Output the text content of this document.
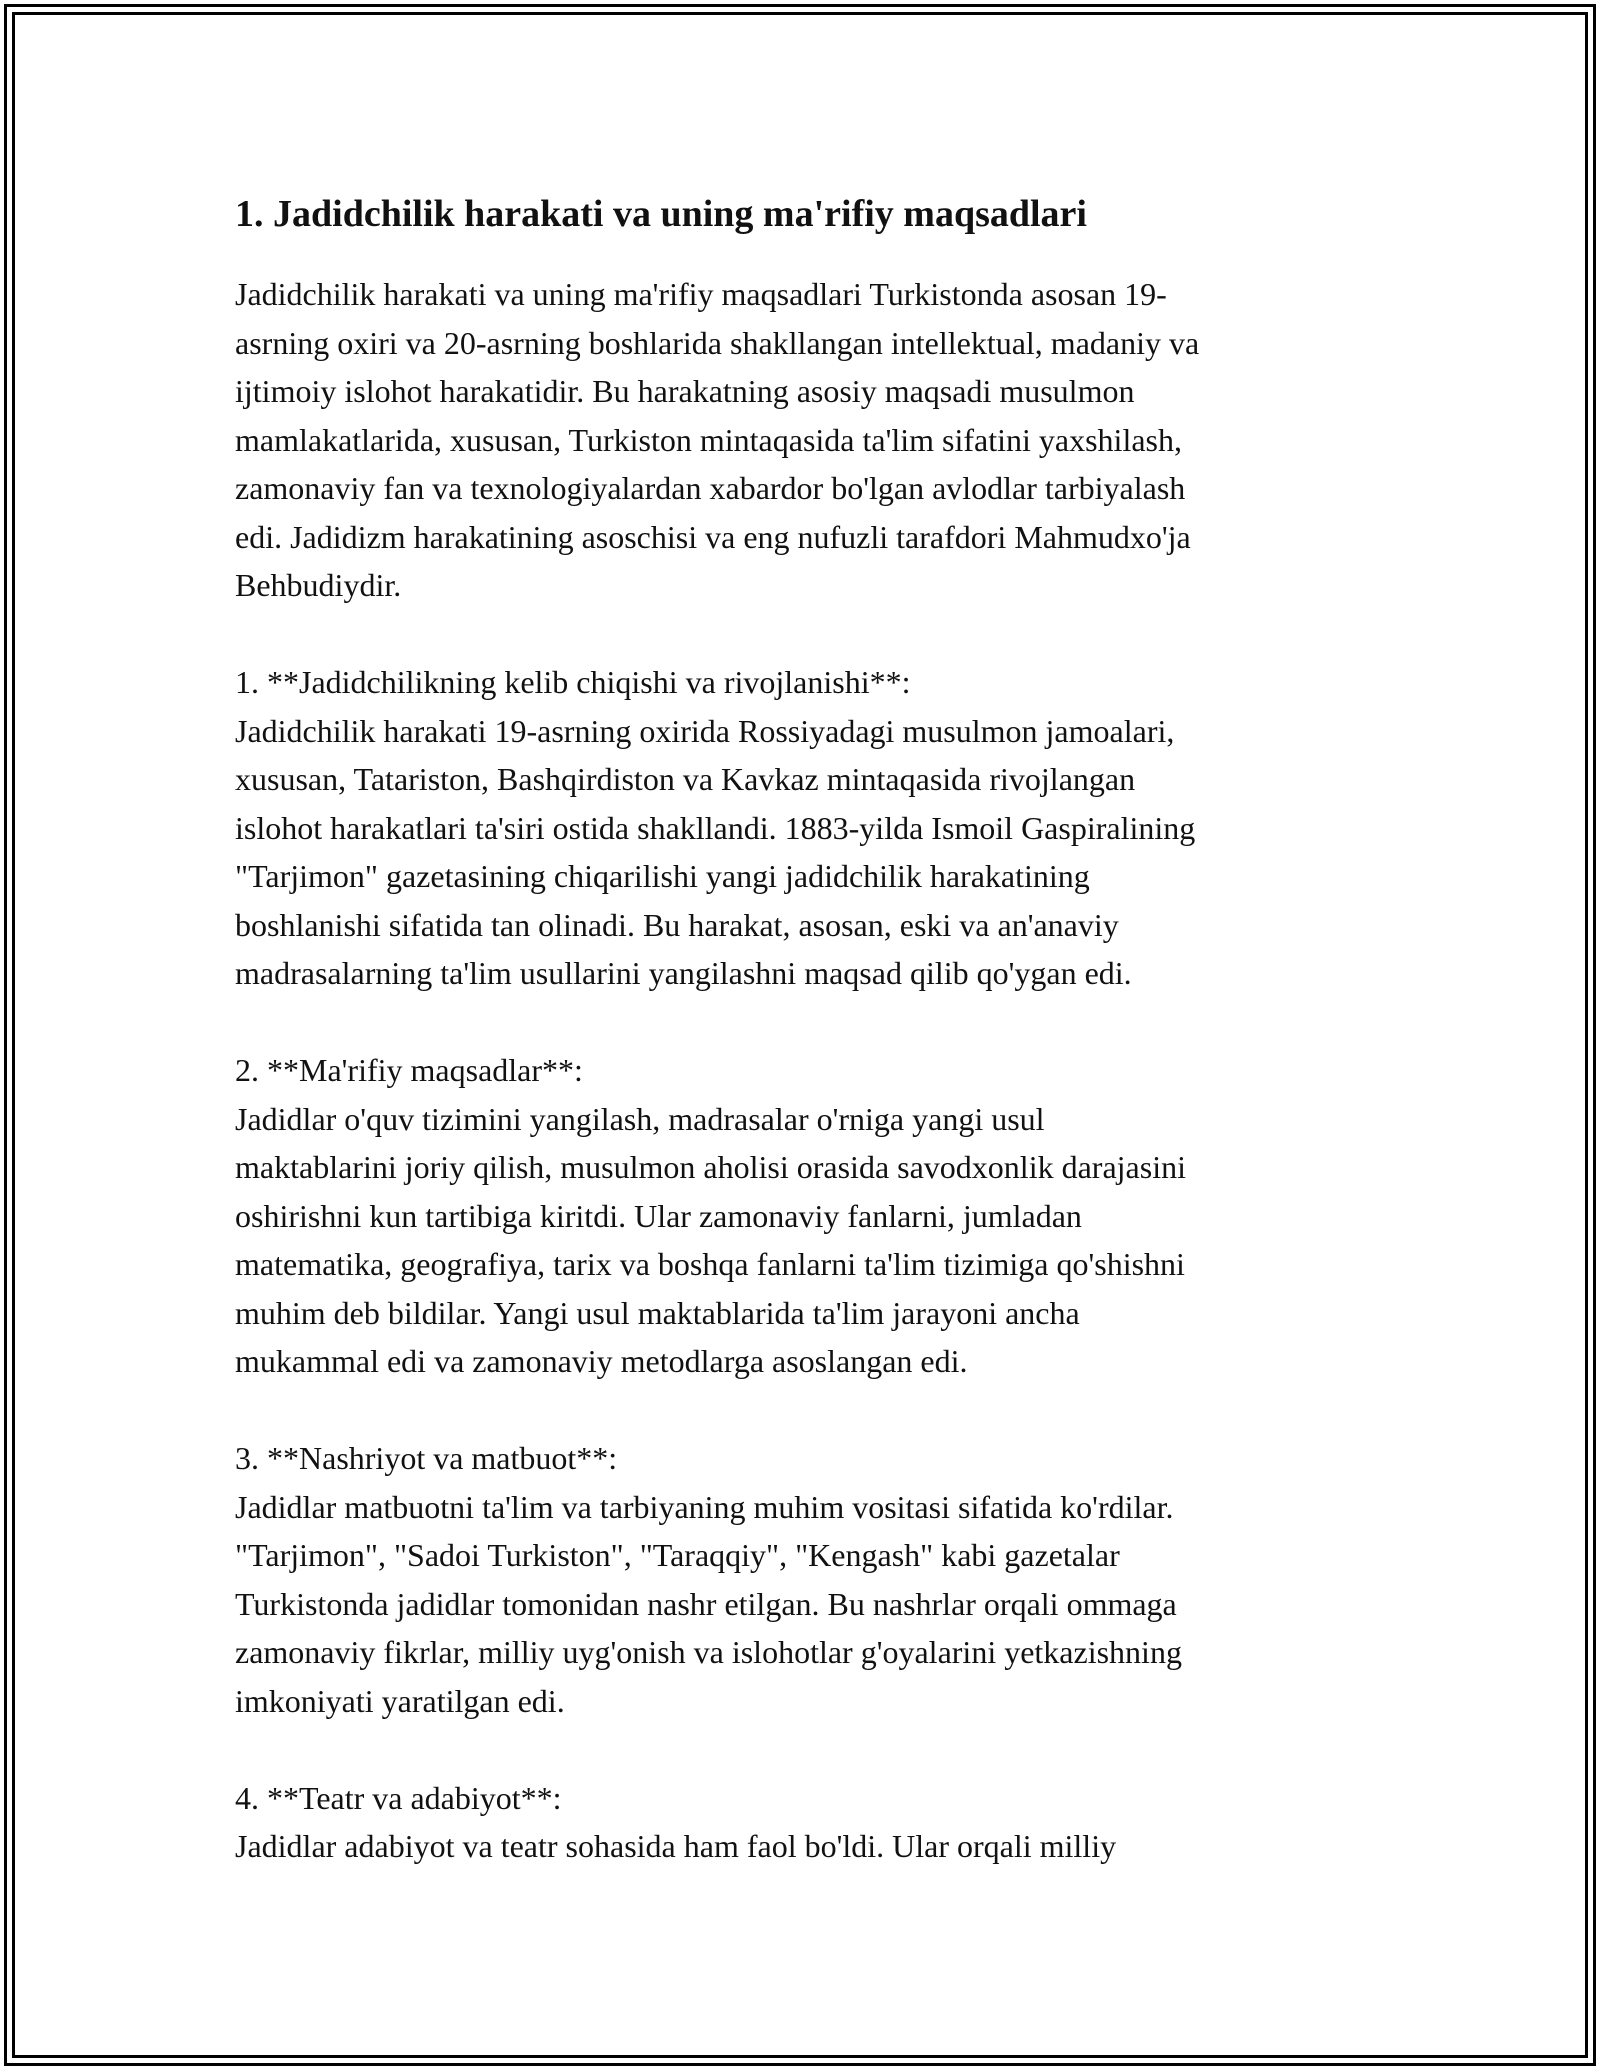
1. Jadidchilik harakati va uning ma'rifiy maqsadlari

Jadidchilik harakati va uning ma'rifiy maqsadlari Turkistonda asosan 19-
asrning oxiri va 20-asrning boshlarida shakllangan intellektual, madaniy va
ijtimoiy islohot harakatidir. Bu harakatning asosiy maqsadi musulmon
mamlakatlarida, xususan, Turkiston mintaqasida ta'lim sifatini yaxshilash,
zamonaviy fan va texnologiyalardan xabardor bo'lgan avlodlar tarbiyalash
edi. Jadidizm harakatining asoschisi va eng nufuzli tarafdori Mahmudxo'ja
Behbudiydir.

1. **Jadidchilikning kelib chiqishi va rivojlanishi**:

Jadidchilik harakati 19-asrning oxirida Rossiyadagi musulmon jamoalari,
xususan, Tatariston, Bashqirdiston va Kavkaz mintaqasida rivojlangan
islohot harakatlari ta'siri ostida shakllandi. 1883-yilda Ismoil Gaspiralining
"Tarjimon" gazetasining chiqarilishi yangi jadidchilik harakatining
boshlanishi sifatida tan olinadi. Bu harakat, asosan, eski va an'anaviy
madrasalarning ta'lim usullarini yangilashni maqsad qilib qo'ygan edi.

2. **Ma'rifiy maqsadlar**:

Jadidlar o'quv tizimini yangilash, madrasalar o'rniga yangi usul
maktablarini joriy qilish, musulmon aholisi orasida savodxonlik darajasini
oshirishni kun tartibiga kiritdi. Ular zamonaviy fanlarni, jumladan
matematika, geografiya, tarix va boshqa fanlarni ta'lim tizimiga qo'shishni
muhim deb bildilar. Yangi usul maktablarida ta'lim jarayoni ancha
mukammal edi va zamonaviy metodlarga asoslangan edi.

3. **Nashriyot va matbuot**:

Jadidlar matbuotni ta'lim va tarbiyaning muhim vositasi sifatida ko'rdilar.
"Tarjimon", "Sadoi Turkiston", "Taraqqiy", "Kengash" kabi gazetalar
Turkistonda jadidlar tomonidan nashr etilgan. Bu nashrlar orqali ommaga
zamonaviy fikrlar, milliy uyg'onish va islohotlar g'oyalarini yetkazishning
imkoniyati yaratilgan edi.

4. **Teatr va adabiyot**:

Jadidlar adabiyot va teatr sohasida ham faol bo'ldi. Ular orqali milliy
